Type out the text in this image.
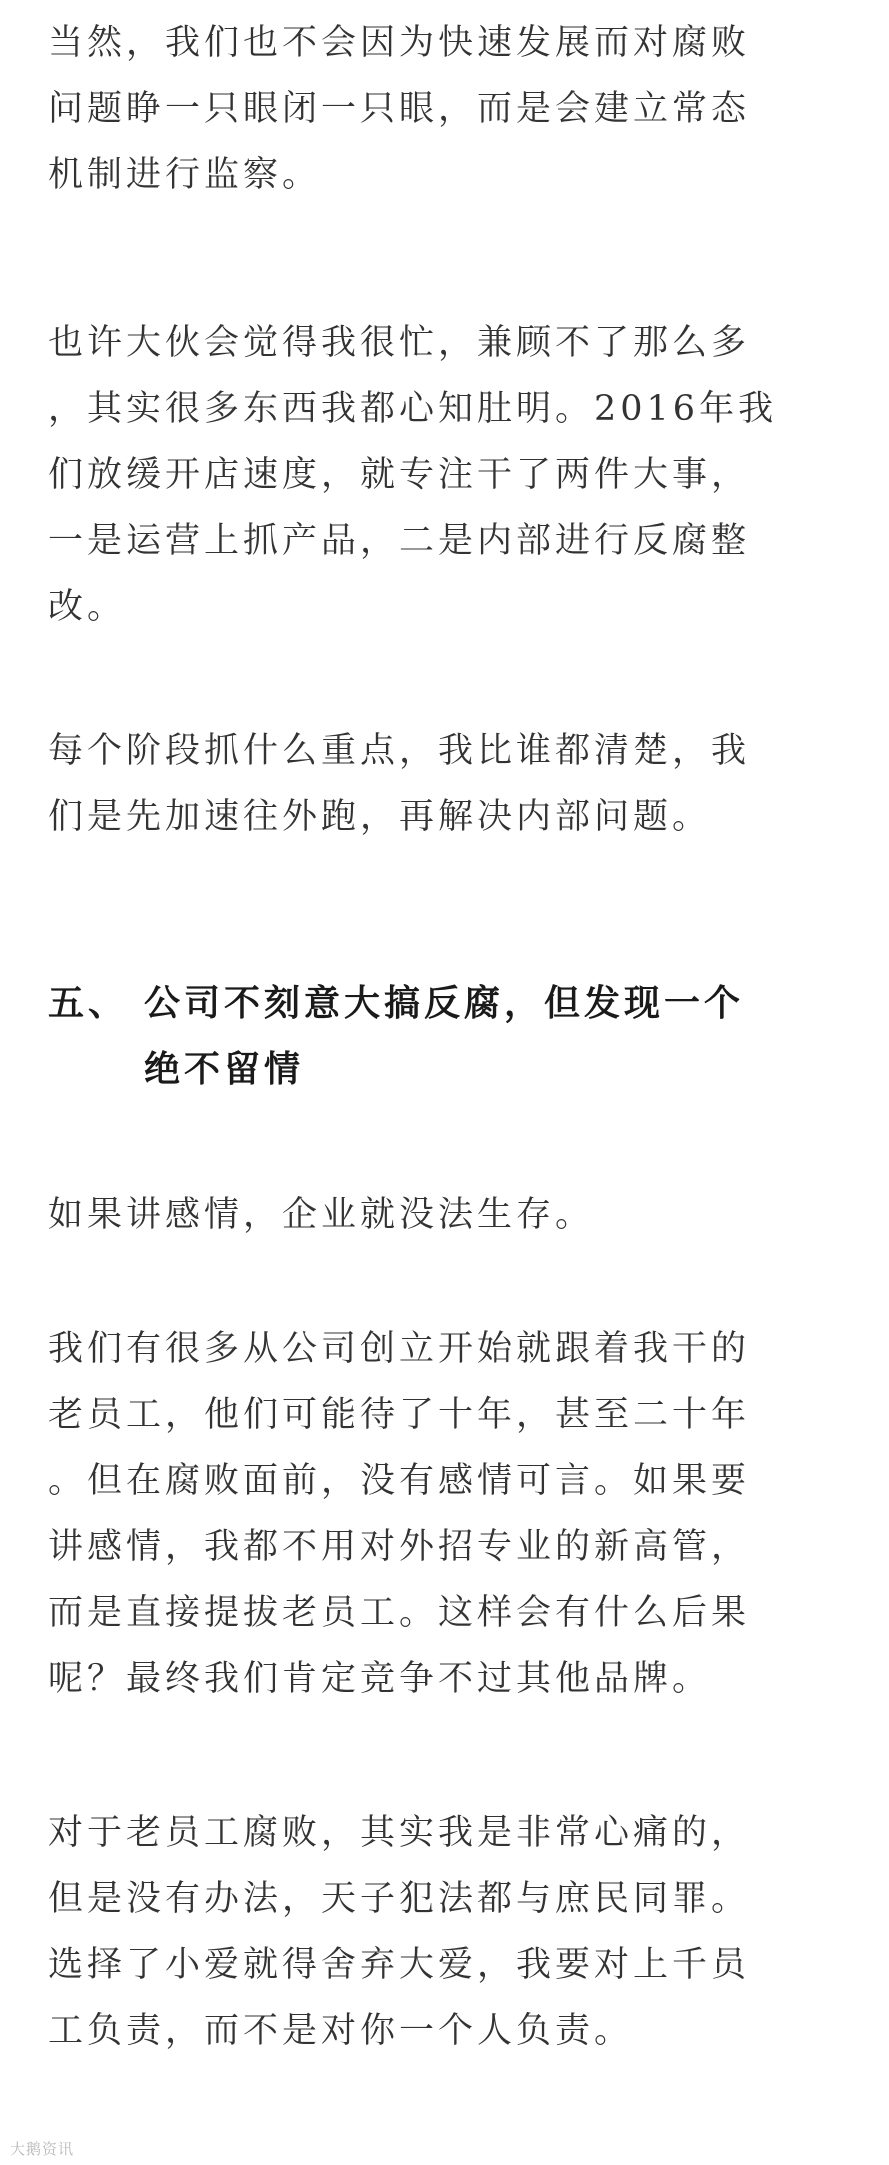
当然，我们也不会因为快速发展而对腐败
问题睁一只眼闭一只眼，而是会建立常态
机制进行监察。

也许大伙会觉得我很忙，兼顾不了那么多
，其实很多东西我都心知肚明。2016年我
们放缓开店速度，就专注干了两件大事，
一是运营上抓产品，二是内部进行反腐整
改。

每个阶段抓什么重点，我比谁都清楚，我
们是先加速往外跑，再解决内部问题。

五、 公司不刻意大搞反腐，但发现一个
绝不留情

如果讲感情，企业就没法生存。

我们有很多从公司创立开始就跟着我干的
老员工，他们可能待了十年，甚至二十年
。但在腐败面前，没有感情可言。如果要
讲感情，我都不用对外招专业的新高管，
而是直接提拔老员工。这样会有什么后果
呢？最终我们肯定竞争不过其他品牌。

对于老员工腐败，其实我是非常心痛的，
但是没有办法，天子犯法都与庶民同罪。
选择了小爱就得舍弃大爱，我要对上千员
工负责，而不是对你一个人负责。

大鹅资讯
